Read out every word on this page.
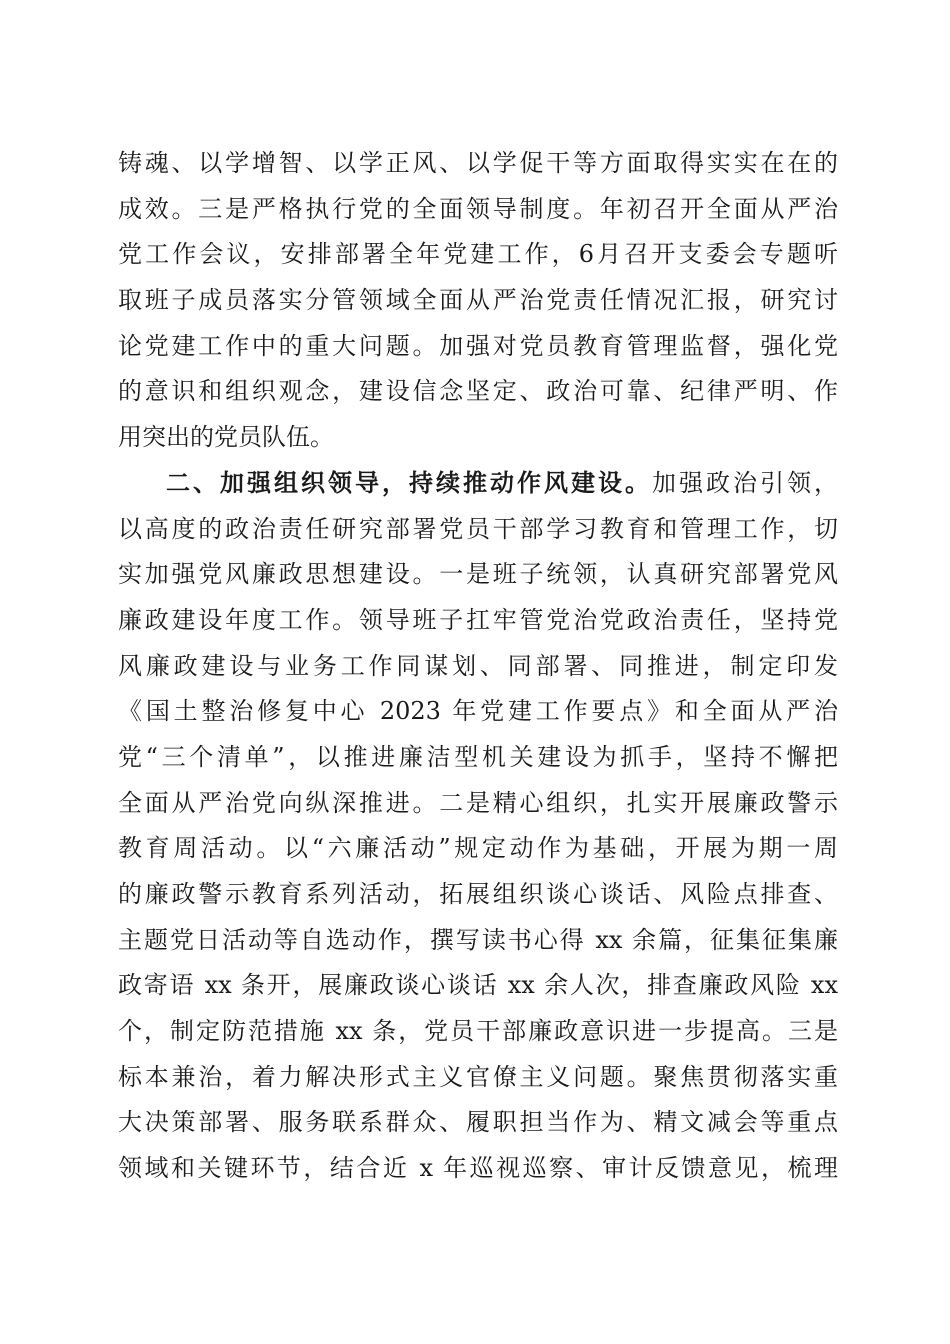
铸魂、以学增智、以学正风、以学促干等方面取得实实在在的
成效。三是严格执行党的全面领导制度。年初召开全面从严治
党工作会议，安排部署全年党建工作，6月召开支委会专题听
取班子成员落实分管领域全面从严治党责任情况汇报，研究讨
论党建工作中的重大问题。加强对党员教育管理监督，强化党
的意识和组织观念，建设信念坚定、政治可靠、纪律严明、作
用突出的党员队伍。
二、加强组织领导，持续推动作风建设。加强政治引领，
以高度的政治责任研究部署党员干部学习教育和管理工作，切
实加强党风廉政思想建设。一是班子统领，认真研究部署党风
廉政建设年度工作。领导班子扛牢管党治党政治责任，坚持党
风廉政建设与业务工作同谋划、同部署、同推进，制定印发
《国土整治修复中心 2023 年党建工作要点》和全面从严治
党“三个清单”，以推进廉洁型机关建设为抓手，坚持不懈把
全面从严治党向纵深推进。二是精心组织，扎实开展廉政警示
教育周活动。以“六廉活动”规定动作为基础，开展为期一周
的廉政警示教育系列活动，拓展组织谈心谈话、风险点排查、
主题党日活动等自选动作，撰写读书心得 xx 余篇，征集征集廉
政寄语 xx 条开，展廉政谈心谈话 xx 余人次，排查廉政风险 xx
个，制定防范措施 xx 条，党员干部廉政意识进一步提高。三是
标本兼治，着力解决形式主义官僚主义问题。聚焦贯彻落实重
大决策部署、服务联系群众、履职担当作为、精文减会等重点
领域和关键环节，结合近 x 年巡视巡察、审计反馈意见，梳理
